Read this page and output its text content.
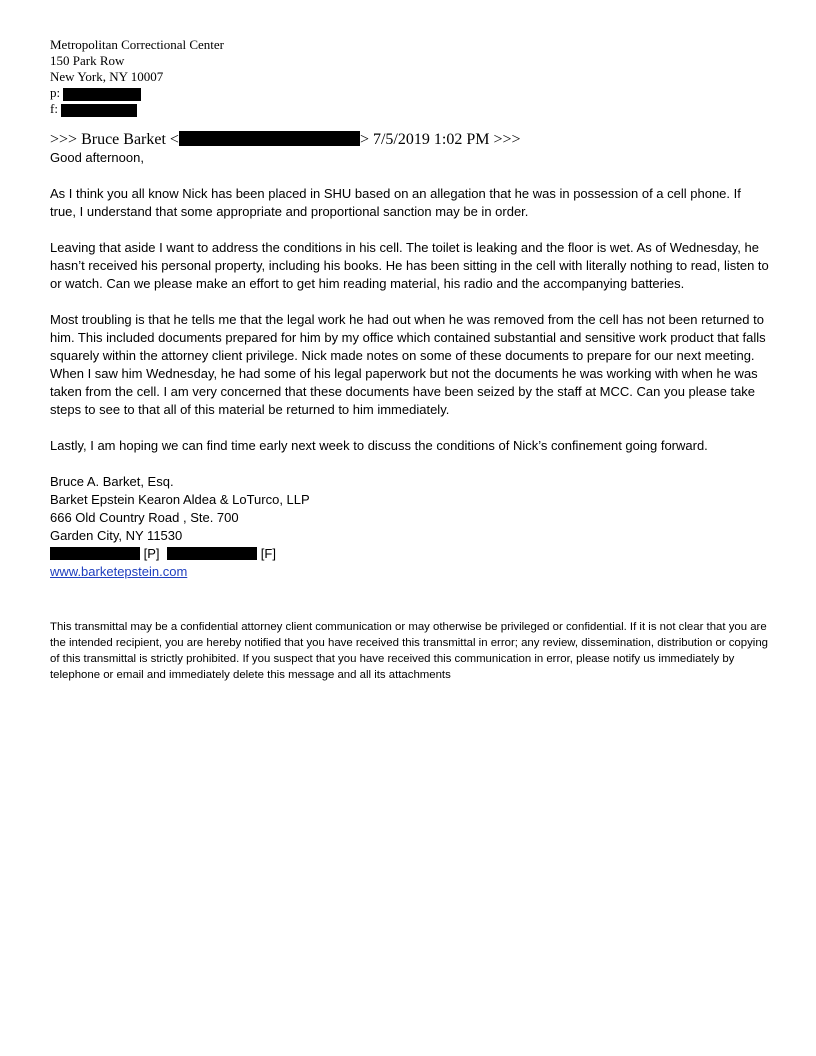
Metropolitan Correctional Center
150 Park Row
New York, NY 10007
p:
f:
>>> Bruce Barket <	> 7/5/2019 1:02 PM >>>

Good afternoon,

As I think you all know Nick has been placed in SHU based on an allegation that he was in possession of a cell phone. If true, I understand that some appropriate and proportional sanction may be in order.

Leaving that aside I want to address the conditions in his cell. The toilet is leaking and the floor is wet. As of Wednesday, he hasn’t received his personal property, including his books. He has been sitting in the cell with literally nothing to read, listen to or watch. Can we please make an effort to get him reading material, his radio and the accompanying batteries.

Most troubling is that he tells me that the legal work he had out when he was removed from the cell has not been returned to him. This included documents prepared for him by my office which contained substantial and sensitive work product that falls squarely within the attorney client privilege. Nick made notes on some of these documents to prepare for our next meeting. When I saw him Wednesday, he had some of his legal paperwork but not the documents he was working with when he was taken from the cell. I am very concerned that these documents have been seized by the staff at MCC. Can you please take steps to see to that all of this material be returned to him immediately.

Lastly, I am hoping we can find time early next week to discuss the conditions of Nick’s confinement going forward.

Bruce A. Barket, Esq.
Barket Epstein Kearon Aldea & LoTurco, LLP
666 Old Country Road , Ste. 700
Garden City, NY 11530
[P]	[F]
www.barketepstein.com
This transmittal may be a confidential attorney client communication or may otherwise be privileged or confidential. If it is not clear that you are the intended recipient, you are hereby notified that you have received this transmittal in error; any review, dissemination, distribution or copying of this transmittal is strictly prohibited. If you suspect that you have received this communication in error, please notify us immediately by telephone or email and immediately delete this message and all its attachments
